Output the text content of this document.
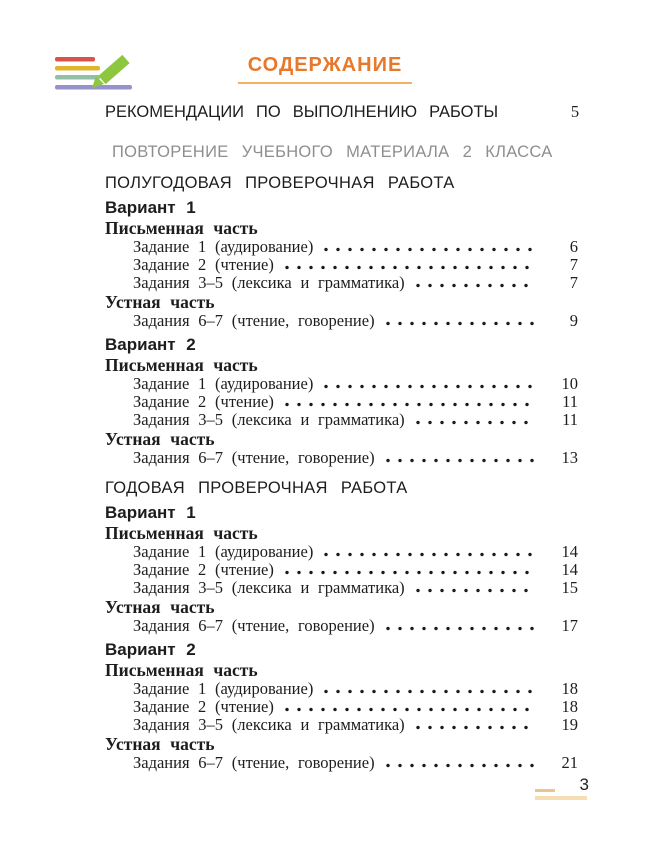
СОДЕРЖАНИЕ
РЕКОМЕНДАЦИИ ПО ВЫПОЛНЕНИЮ РАБОТЫ	5
ПОВТОРЕНИЕ УЧЕБНОГО МАТЕРИАЛА 2 КЛАССА
ПОЛУГОДОВАЯ ПРОВЕРОЧНАЯ РАБОТА
Вариант 1
Письменная часть
Задание 1 (аудирование)	6
Задание 2 (чтение)	7
Задания 3–5 (лексика и грамматика)	7
Устная часть
Задания 6–7 (чтение, говорение)	9
Вариант 2
Письменная часть
Задание 1 (аудирование)	10
Задание 2 (чтение)	11
Задания 3–5 (лексика и грамматика)	11
Устная часть
Задания 6–7 (чтение, говорение)	13
ГОДОВАЯ ПРОВЕРОЧНАЯ РАБОТА
Вариант 1
Письменная часть
Задание 1 (аудирование)	14
Задание 2 (чтение)	14
Задания 3–5 (лексика и грамматика)	15
Устная часть
Задания 6–7 (чтение, говорение)	17
Вариант 2
Письменная часть
Задание 1 (аудирование)	18
Задание 2 (чтение)	18
Задания 3–5 (лексика и грамматика)	19
Устная часть
Задания 6–7 (чтение, говорение)	21
3
